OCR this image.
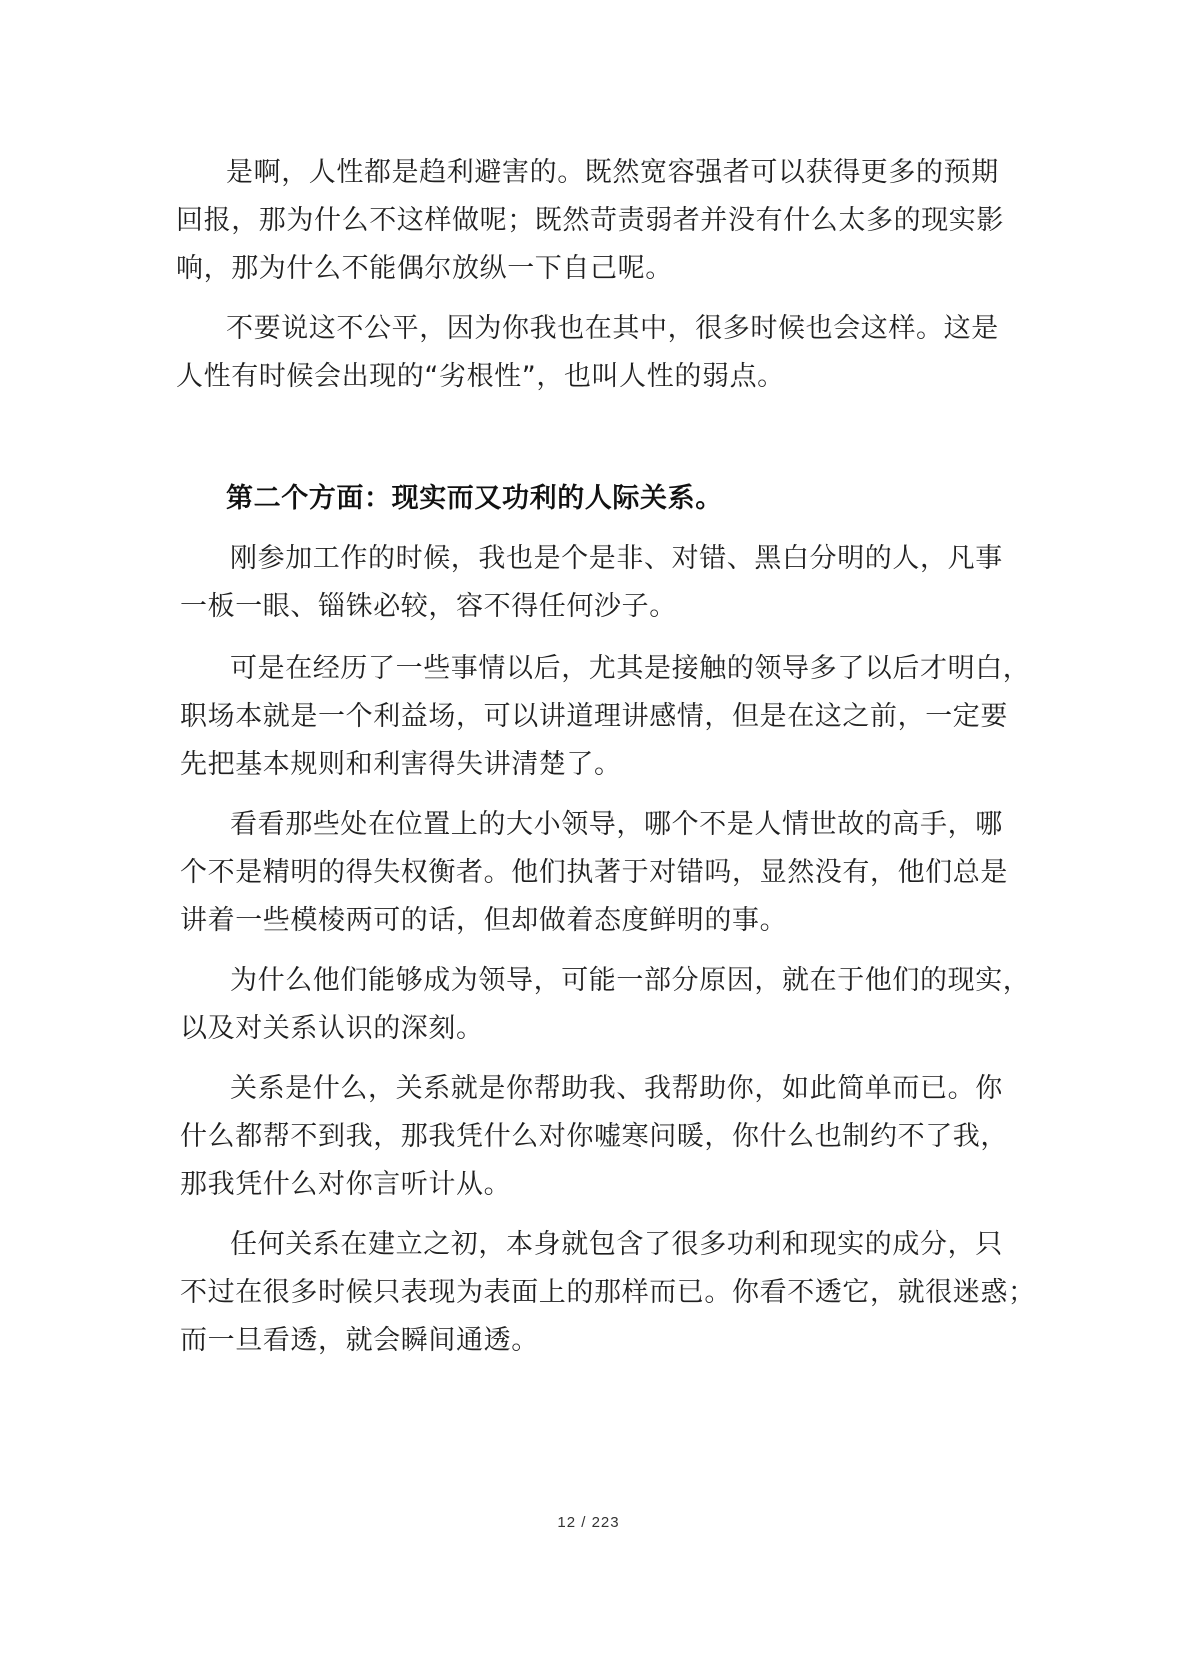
是啊，人性都是趋利避害的。既然宽容强者可以获得更多的预期
回报，那为什么不这样做呢；既然苛责弱者并没有什么太多的现实影
响，那为什么不能偶尔放纵一下自己呢。
不要说这不公平，因为你我也在其中，很多时候也会这样。这是
人性有时候会出现的“劣根性”，也叫人性的弱点。
第二个方面：现实而又功利的人际关系。
刚参加工作的时候，我也是个是非、对错、黑白分明的人，凡事
一板一眼、锱铢必较，容不得任何沙子。
可是在经历了一些事情以后，尤其是接触的领导多了以后才明白，
职场本就是一个利益场，可以讲道理讲感情，但是在这之前，一定要
先把基本规则和利害得失讲清楚了。
看看那些处在位置上的大小领导，哪个不是人情世故的高手，哪
个不是精明的得失权衡者。他们执著于对错吗，显然没有，他们总是
讲着一些模棱两可的话，但却做着态度鲜明的事。
为什么他们能够成为领导，可能一部分原因，就在于他们的现实，
以及对关系认识的深刻。
关系是什么，关系就是你帮助我、我帮助你，如此简单而已。你
什么都帮不到我，那我凭什么对你嘘寒问暖，你什么也制约不了我，
那我凭什么对你言听计从。
任何关系在建立之初，本身就包含了很多功利和现实的成分，只
不过在很多时候只表现为表面上的那样而已。你看不透它，就很迷惑；
而一旦看透，就会瞬间通透。
12 / 223
